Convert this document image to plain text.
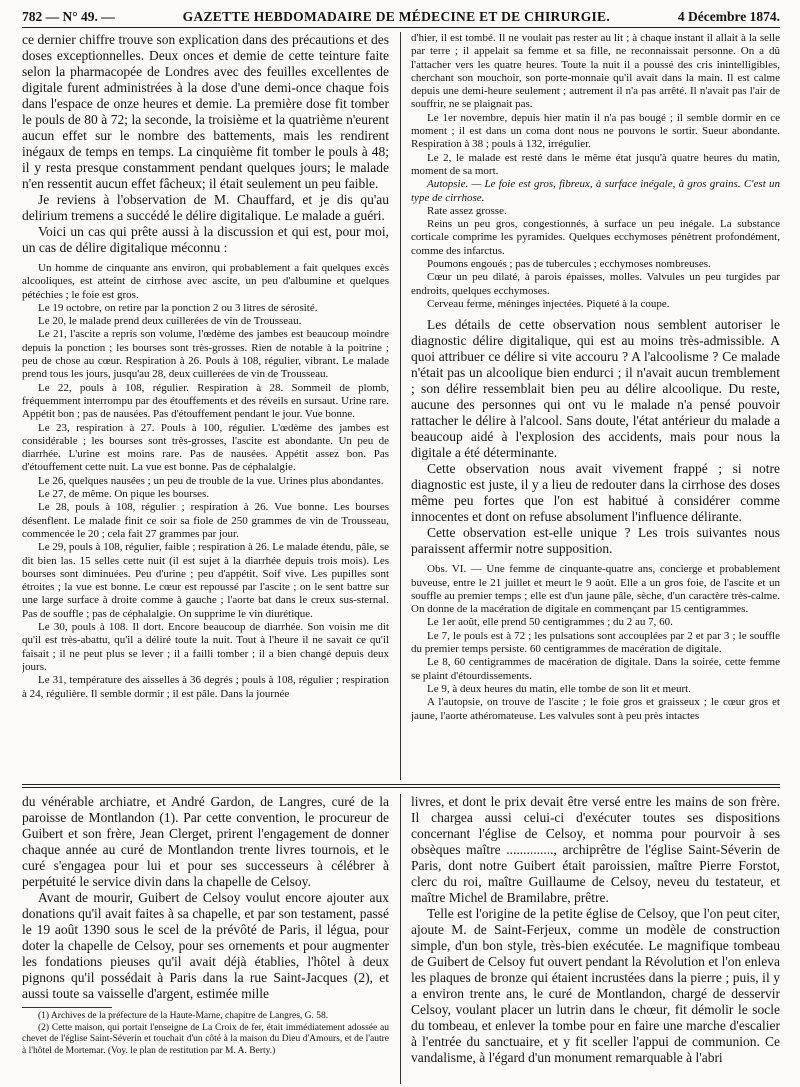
782 — N° 49. —	GAZETTE HEBDOMADAIRE DE MÉDECINE ET DE CHIRURGIE.	4 Décembre 1874.

ce dernier chiffre trouve son explication dans des précautions et des doses exceptionnelles. Deux onces et demie de cette teinture faite selon la pharmacopée de Londres avec des feuilles excellentes de digitale furent administrées à la dose d'une demi-once chaque fois dans l'espace de onze heures et demie. La première dose fit tomber le pouls de 80 à 72; la seconde, la troisième et la quatrième n'eurent aucun effet sur le nombre des battements, mais les rendirent inégaux de temps en temps. La cinquième fit tomber le pouls à 48; il y resta presque constamment pendant quelques jours; le malade n'en ressentit aucun effet fâcheux; il était seulement un peu faible.

Je reviens à l'observation de M. Chauffard, et je dis qu'au delirium tremens a succédé le délire digitalique. Le malade a guéri.

Voici un cas qui prête aussi à la discussion et qui est, pour moi, un cas de délire digitalique méconnu :

Un homme de cinquante ans environ, qui probablement a fait quelques excès alcooliques, est atteint de cirrhose avec ascite, un peu d'albumine et quelques pétéchies ; le foie est gros.

Le 19 octobre, on retire par la ponction 2 ou 3 litres de sérosité.

Le 20, le malade prend deux cuillerées de vin de Trousseau.

Le 21, l'ascite a repris son volume, l'œdème des jambes est beaucoup moindre depuis la ponction ; les bourses sont très-grosses. Rien de notable à la poitrine ; peu de chose au cœur. Respiration à 26. Pouls à 108, régulier, vibrant. Le malade prend tous les jours, jusqu'au 28, deux cuillerées de vin de Trousseau.

Le 22, pouls à 108, régulier. Respiration à 28. Sommeil de plomb, fréquemment interrompu par des étouffements et des réveils en sursaut. Urine rare. Appétit bon ; pas de nausées. Pas d'étouffement pendant le jour. Vue bonne.

Le 23, respiration à 27. Pouls à 100, régulier. L'œdème des jambes est considérable ; les bourses sont très-grosses, l'ascite est abondante. Un peu de diarrhée. L'urine est moins rare. Pas de nausées. Appétit assez bon. Pas d'étouffement cette nuit. La vue est bonne. Pas de céphalalgie.

Le 26, quelques nausées ; un peu de trouble de la vue. Urines plus abondantes.

Le 27, de même. On pique les bourses.

Le 28, pouls à 108, régulier ; respiration à 26. Vue bonne. Les bourses désenflent. Le malade finit ce soir sa fiole de 250 grammes de vin de Trousseau, commencée le 20 ; cela fait 27 grammes par jour.

Le 29, pouls à 108, régulier, faible ; respiration à 26. Le malade étendu, pâle, se dit bien las. 15 selles cette nuit (il est sujet à la diarrhée depuis trois mois). Les bourses sont diminuées. Peu d'urine ; peu d'appétit. Soif vive. Les pupilles sont étroites ; la vue est bonne. Le cœur est repoussé par l'ascite ; on le sent battre sur une large surface à droite comme à gauche ; l'aorte bat dans le creux sus-sternal. Pas de souffle ; pas de céphalalgie. On supprime le vin diurétique.

Le 30, pouls à 108. Il dort. Encore beaucoup de diarrhée. Son voisin me dit qu'il est très-abattu, qu'il a déliré toute la nuit. Tout à l'heure il ne savait ce qu'il faisait ; il ne peut plus se lever ; il a failli tomber ; il a bien changé depuis deux jours.

Le 31, température des aisselles à 36 degrés ; pouls à 108, régulier ; respiration à 24, régulière. Il semble dormir ; il est pâle. Dans la journée

d'hier, il est tombé. Il ne voulait pas rester au lit ; à chaque instant il allait à la selle par terre ; il appelait sa femme et sa fille, ne reconnaissait personne. On a dû l'attacher vers les quatre heures. Toute la nuit il a poussé des cris inintelligibles, cherchant son mouchoir, son porte-monnaie qu'il avait dans la main. Il est calme depuis une demi-heure seulement ; autrement il n'a pas arrêté. Il n'avait pas l'air de souffrir, ne se plaignait pas.

Le 1er novembre, depuis hier matin il n'a pas bougé ; il semble dormir en ce moment ; il est dans un coma dont nous ne pouvons le sortir. Sueur abondante. Respiration à 38 ; pouls à 132, irrégulier.

Le 2, le malade est resté dans le même état jusqu'à quatre heures du matin, moment de sa mort.

Autopsie. — Le foie est gros, fibreux, à surface inégale, à gros grains. C'est un type de cirrhose.

Rate assez grosse.

Reins un peu gros, congestionnés, à surface un peu inégale. La substance corticale comprime les pyramides. Quelques ecchymoses pénètrent profondément, comme des infarctus.

Poumons engoués ; pas de tubercules ; ecchymoses nombreuses.

Cœur un peu dilaté, à parois épaisses, molles. Valvules un peu turgides par endroits, quelques ecchymoses.

Cerveau ferme, méninges injectées. Piqueté à la coupe.

Les détails de cette observation nous semblent autoriser le diagnostic délire digitalique, qui est au moins très-admissible. A quoi attribuer ce délire si vite accouru ? A l'alcoolisme ? Ce malade n'était pas un alcoolique bien endurci ; il n'avait aucun tremblement ; son délire ressemblait bien peu au délire alcoolique. Du reste, aucune des personnes qui ont vu le malade n'a pensé pouvoir rattacher le délire à l'alcool. Sans doute, l'état antérieur du malade a beaucoup aidé à l'explosion des accidents, mais pour nous la digitale a été déterminante.

Cette observation nous avait vivement frappé ; si notre diagnostic est juste, il y a lieu de redouter dans la cirrhose des doses même peu fortes que l'on est habitué à considérer comme innocentes et dont on refuse absolument l'influence délirante.

Cette observation est-elle unique ? Les trois suivantes nous paraissent affermir notre supposition.

Obs. VI. — Une femme de cinquante-quatre ans, concierge et probablement buveuse, entre le 21 juillet et meurt le 9 août. Elle a un gros foie, de l'ascite et un souffle au premier temps ; elle est d'un jaune pâle, sèche, d'un caractère très-calme. On donne de la macération de digitale en commençant par 15 centigrammes.

Le 1er août, elle prend 50 centigrammes ; du 2 au 7, 60.

Le 7, le pouls est à 72 ; les pulsations sont accouplées par 2 et par 3 ; le souffle du premier temps persiste. 60 centigrammes de macération de digitale.

Le 8, 60 centigrammes de macération de digitale. Dans la soirée, cette femme se plaint d'étourdissements.

Le 9, à deux heures du matin, elle tombe de son lit et meurt.

A l'autopsie, on trouve de l'ascite ; le foie gros et graisseux ; le cœur gros et jaune, l'aorte athéromateuse. Les valvules sont à peu près intactes

du vénérable archiatre, et André Gardon, de Langres, curé de la paroisse de Montlandon (1). Par cette convention, le procureur de Guibert et son frère, Jean Clerget, prirent l'engagement de donner chaque année au curé de Montlandon trente livres tournois, et le curé s'engagea pour lui et pour ses successeurs à célébrer à perpétuité le service divin dans la chapelle de Celsoy.

Avant de mourir, Guibert de Celsoy voulut encore ajouter aux donations qu'il avait faites à sa chapelle, et par son testament, passé le 19 août 1390 sous le scel de la prévôté de Paris, il légua, pour doter la chapelle de Celsoy, pour ses ornements et pour augmenter les fondations pieuses qu'il avait déjà établies, l'hôtel à deux pignons qu'il possédait à Paris dans la rue Saint-Jacques (2), et aussi toute sa vaisselle d'argent, estimée mille

(1) Archives de la préfecture de la Haute-Marne, chapitre de Langres, G. 58.

(2) Cette maison, qui portait l'enseigne de La Croix de fer, était immédiatement adossée au chevet de l'église Saint-Séverin et touchait d'un côté à la maison du Dieu d'Amours, et de l'autre à l'hôtel de Mortemar. (Voy. le plan de restitution par M. A. Berty.)

livres, et dont le prix devait être versé entre les mains de son frère. Il chargea aussi celui-ci d'exécuter toutes ses dispositions concernant l'église de Celsoy, et nomma pour pourvoir à ses obsèques maître .............., archiprêtre de l'église Saint-Séverin de Paris, dont notre Guibert était paroissien, maître Pierre Forstot, clerc du roi, maître Guillaume de Celsoy, neveu du testateur, et maître Michel de Bramilabre, prêtre.

Telle est l'origine de la petite église de Celsoy, que l'on peut citer, ajoute M. de Saint-Ferjeux, comme un modèle de construction simple, d'un bon style, très-bien exécutée. Le magnifique tombeau de Guibert de Celsoy fut ouvert pendant la Révolution et l'on enleva les plaques de bronze qui étaient incrustées dans la pierre ; puis, il y a environ trente ans, le curé de Montlandon, chargé de desservir Celsoy, voulant placer un lutrin dans le chœur, fit démolir le socle du tombeau, et enlever la tombe pour en faire une marche d'escalier à l'entrée du sanctuaire, et y fit sceller l'appui de communion. Ce vandalisme, à l'égard d'un monument remarquable à l'abri
